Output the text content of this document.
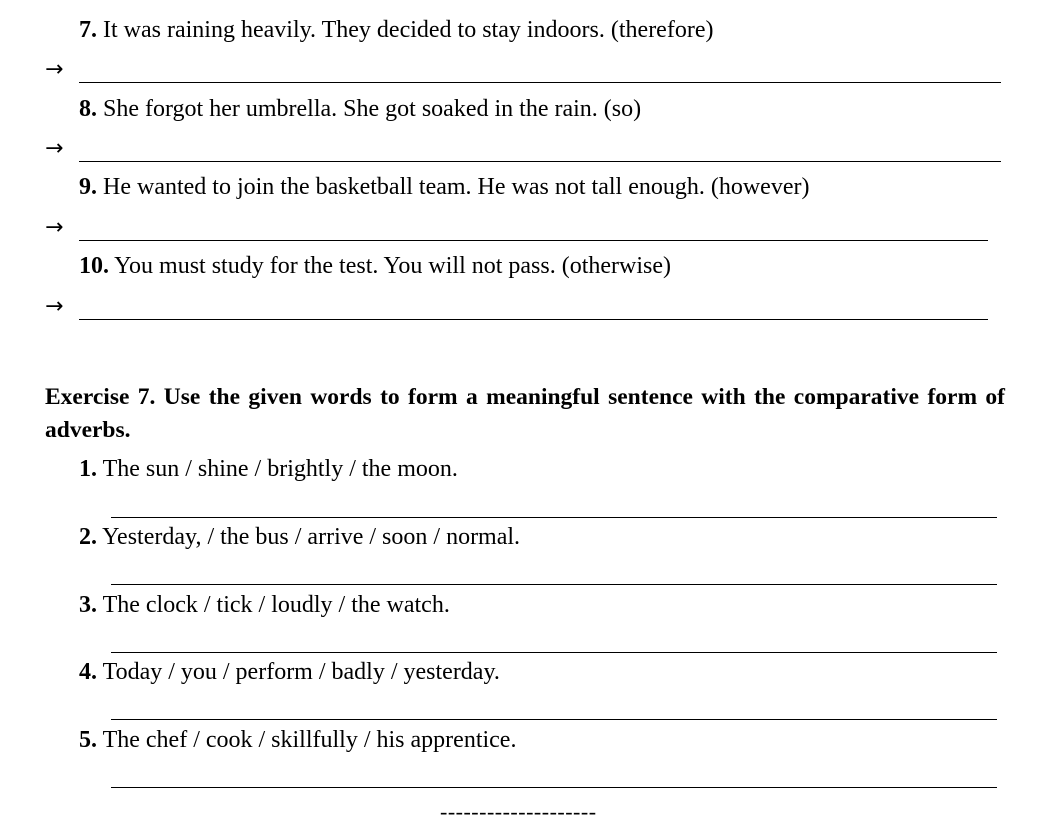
7. It was raining heavily. They decided to stay indoors. (therefore)
→
8. She forgot her umbrella. She got soaked in the rain. (so)
→
9. He wanted to join the basketball team. He was not tall enough. (however)
→
10. You must study for the test. You will not pass. (otherwise)
→
Exercise 7. Use the given words to form a meaningful sentence with the comparative form of adverbs.
1. The sun / shine / brightly / the moon.
2. Yesterday, / the bus / arrive / soon / normal.
3. The clock / tick / loudly / the watch.
4. Today / you / perform / badly / yesterday.
5. The chef / cook / skillfully / his apprentice.
--------------------
